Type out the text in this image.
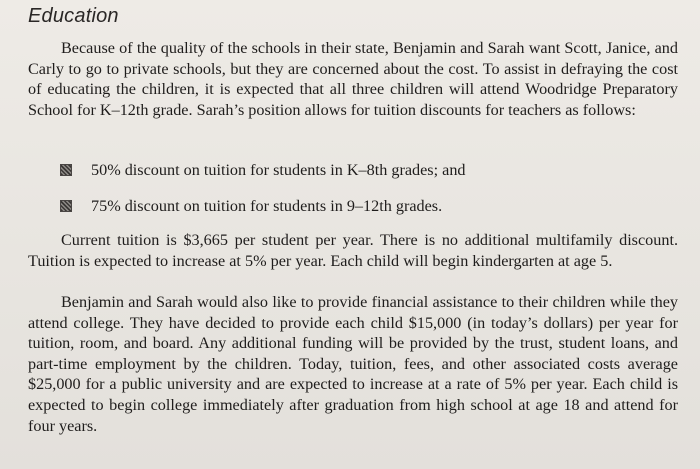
Education

Because of the quality of the schools in their state, Benjamin and Sarah want Scott, Janice, and Carly to go to private schools, but they are concerned about the cost. To assist in defraying the cost of educating the children, it is expected that all three children will attend Woodridge Preparatory School for K–12th grade. Sarah’s position allows for tuition discounts for teachers as follows:

50% discount on tuition for students in K–8th grades; and
75% discount on tuition for students in 9–12th grades.

Current tuition is $3,665 per student per year. There is no additional multifamily discount. Tuition is expected to increase at 5% per year. Each child will begin kindergarten at age 5.

Benjamin and Sarah would also like to provide financial assistance to their children while they attend college. They have decided to provide each child $15,000 (in today’s dollars) per year for tuition, room, and board. Any additional funding will be provided by the trust, student loans, and part-time employment by the children. Today, tuition, fees, and other associated costs average $25,000 for a public university and are expected to increase at a rate of 5% per year. Each child is expected to begin college immediately after graduation from high school at age 18 and attend for four years.
